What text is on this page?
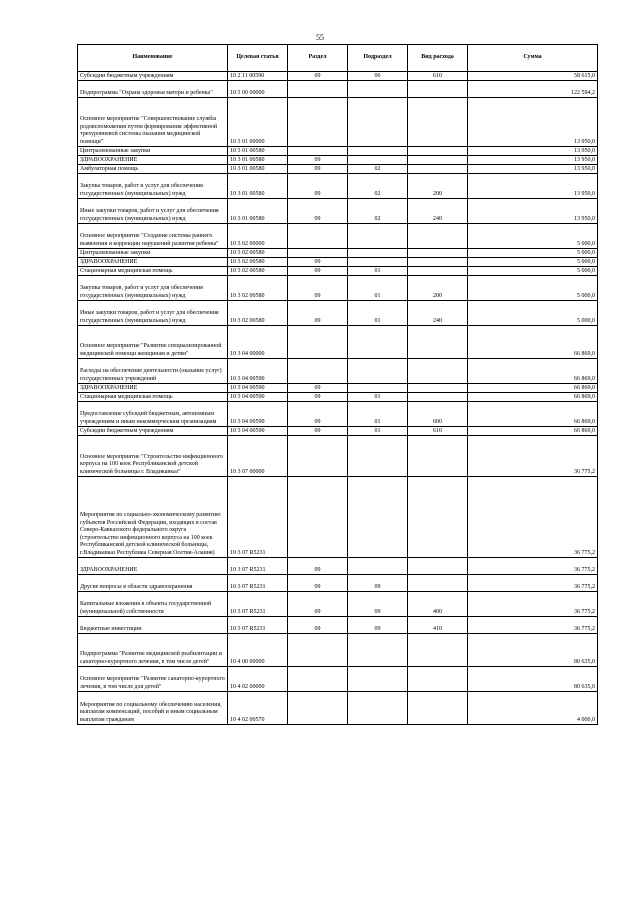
55
Наименование	Целевая статья	Раздел	Подраздел	Вид расхода	Сумма
Субсидии бюджетным учреждениям	10 2 11 00590	09	06	610	58 615,0
Подпрограмма "Охрана здоровья матери и ребенка"	10 3 00 00000				122 594,2
Основное мероприятие "Совершенствование службы родовспоможения путем формирования эффективной трехуровневой системы оказания медицинской помощи"	10 3 01 00000				13 950,0
Централизованные закупки	10 3 01 00580				13 950,0
ЗДРАВООХРАНЕНИЕ	10 3 01 00580	09			13 950,0
Амбулаторная помощь	10 3 01 00580	09	02		13 950,0
Закупка товаров, работ и услуг для обеспечения государственных (муниципальных) нужд	10 3 01 00580	09	02	200	13 950,0
Иные закупки товаров, работ и услуг для обеспечения государственных (муниципальных) нужд	10 3 01 00580	09	02	240	13 950,0
Основное мероприятие "Создание системы раннего выявления и коррекции нарушений развития ребенка"	10 3 02 00000				5 000,0
Централизованные закупки	10 3 02 00580				5 000,0
ЗДРАВООХРАНЕНИЕ	10 3 02 00580	09			5 000,0
Стационарная медицинская помощь	10 3 02 00580	09	01		5 000,0
Закупка товаров, работ и услуг для обеспечения государственных (муниципальных) нужд	10 3 02 00580	09	01	200	5 000,0
Иные закупки товаров, работ и услуг для обеспечения государственных (муниципальных) нужд	10 3 02 00580	09	01	240	5 000,0
Основное мероприятие "Развитие специализированной медицинской помощи женщинам и детям"	10 3 04 00000				66 869,0
Расходы на обеспечение деятельности (оказание услуг) государственных учреждений	10 3 04 00590				66 869,0
ЗДРАВООХРАНЕНИЕ	10 3 04 00590	09			66 869,0
Стационарная медицинская помощь	10 3 04 00590	09	01		66 869,0
Предоставление субсидий бюджетным, автономным учреждениям и иным некоммерческим организациям	10 3 04 00590	09	01	600	66 869,0
Субсидии бюджетным учреждениям	10 3 04 00590	09	01	610	66 869,0
Основное мероприятие "Строительство инфекционного корпуса на 100 коек Республиканской детской клинической больницы г. Владикавказ"	10 3 07 00000				36 775,2
Мероприятия по социально-экономическому развитию субъектов Российской Федерации, входящих в состав Северо-Кавказского федерального округа (строительство инфекционного корпуса на 100 коек Республиканской детской клинической больницы, г.Владикавказ Республика Северная Осетия-Алания)	10 3 07 R5231				36 775,2
ЗДРАВООХРАНЕНИЕ	10 3 07 R5231	09			36 775,2
Другие вопросы в области здравоохранения	10 3 07 R5231	09	09		36 775,2
Капитальные вложения в объекты государственной (муниципальной) собственности	10 3 07 R5231	09	09	400	36 775,2
Бюджетные инвестиции	10 3 07 R5231	09	09	410	36 775,2
Подпрограмма "Развитие медицинской реабилитации и санаторно-курортного лечения, в том числе детей"	10 4 00 00000				80 635,0
Основное мероприятие "Развитие санаторно-курортного лечения, в том числе для детей"	10 4 02 00000				80 635,0
Мероприятия по социальному обеспечению населения, выплатам компенсаций, пособий и иным социальным выплатам гражданам	10 4 02 00570				4 000,0
